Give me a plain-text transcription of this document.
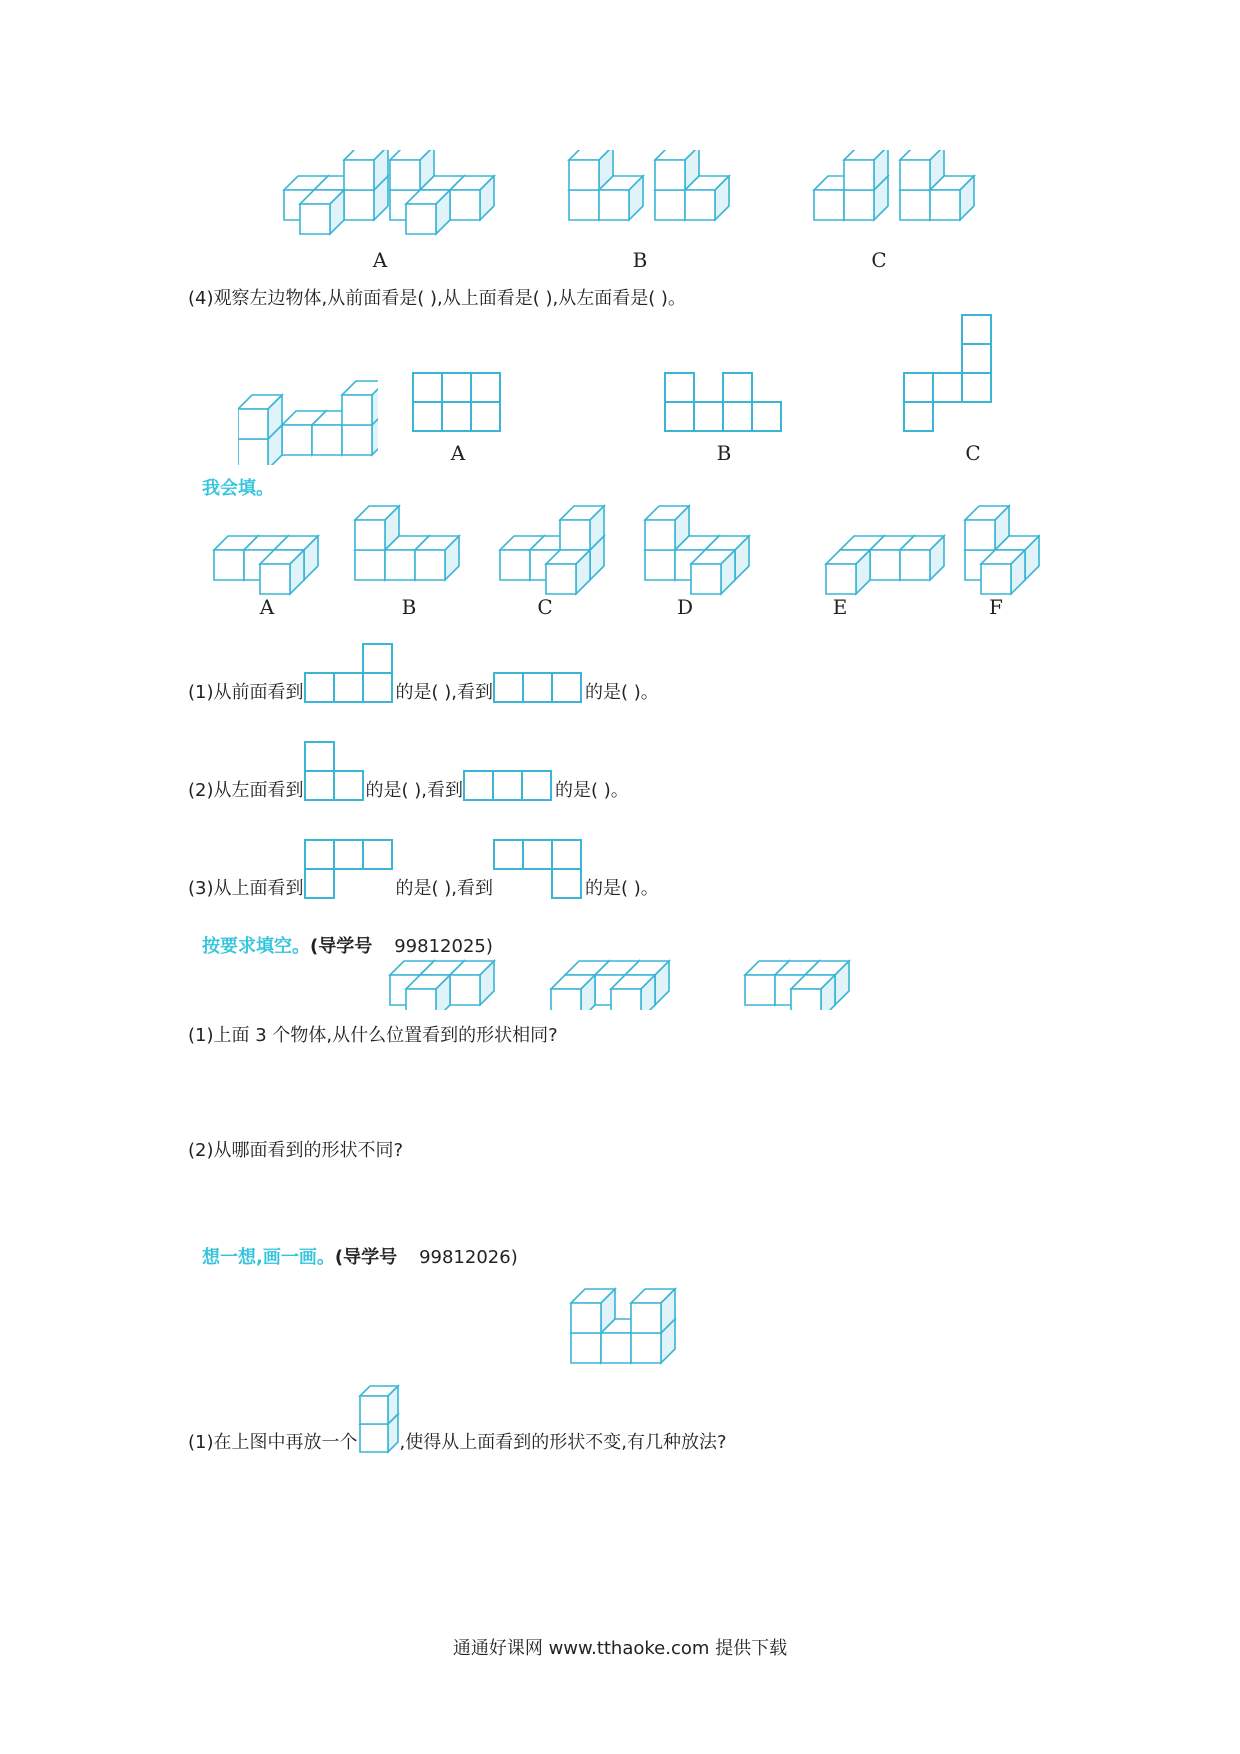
A	B	C
(4)观察左边物体,从前面看是( ),从上面看是( ),从左面看是( )。
A	B	C
我会填。
A	B	C	D	E	F
(1)从前面看到	的是( ),看到	的是( )。
(2)从左面看到	的是( ),看到	的是( )。
(3)从上面看到	的是( ),看到	的是( )。
按要求填空。(导学号 99812025)
(1)上面 3 个物体,从什么位置看到的形状相同?
(2)从哪面看到的形状不同?
想一想,画一画。(导学号 99812026)
(1)在上图中再放一个 ,使得从上面看到的形状不变,有几种放法?
通通好课网 www.tthaoke.com 提供下载
